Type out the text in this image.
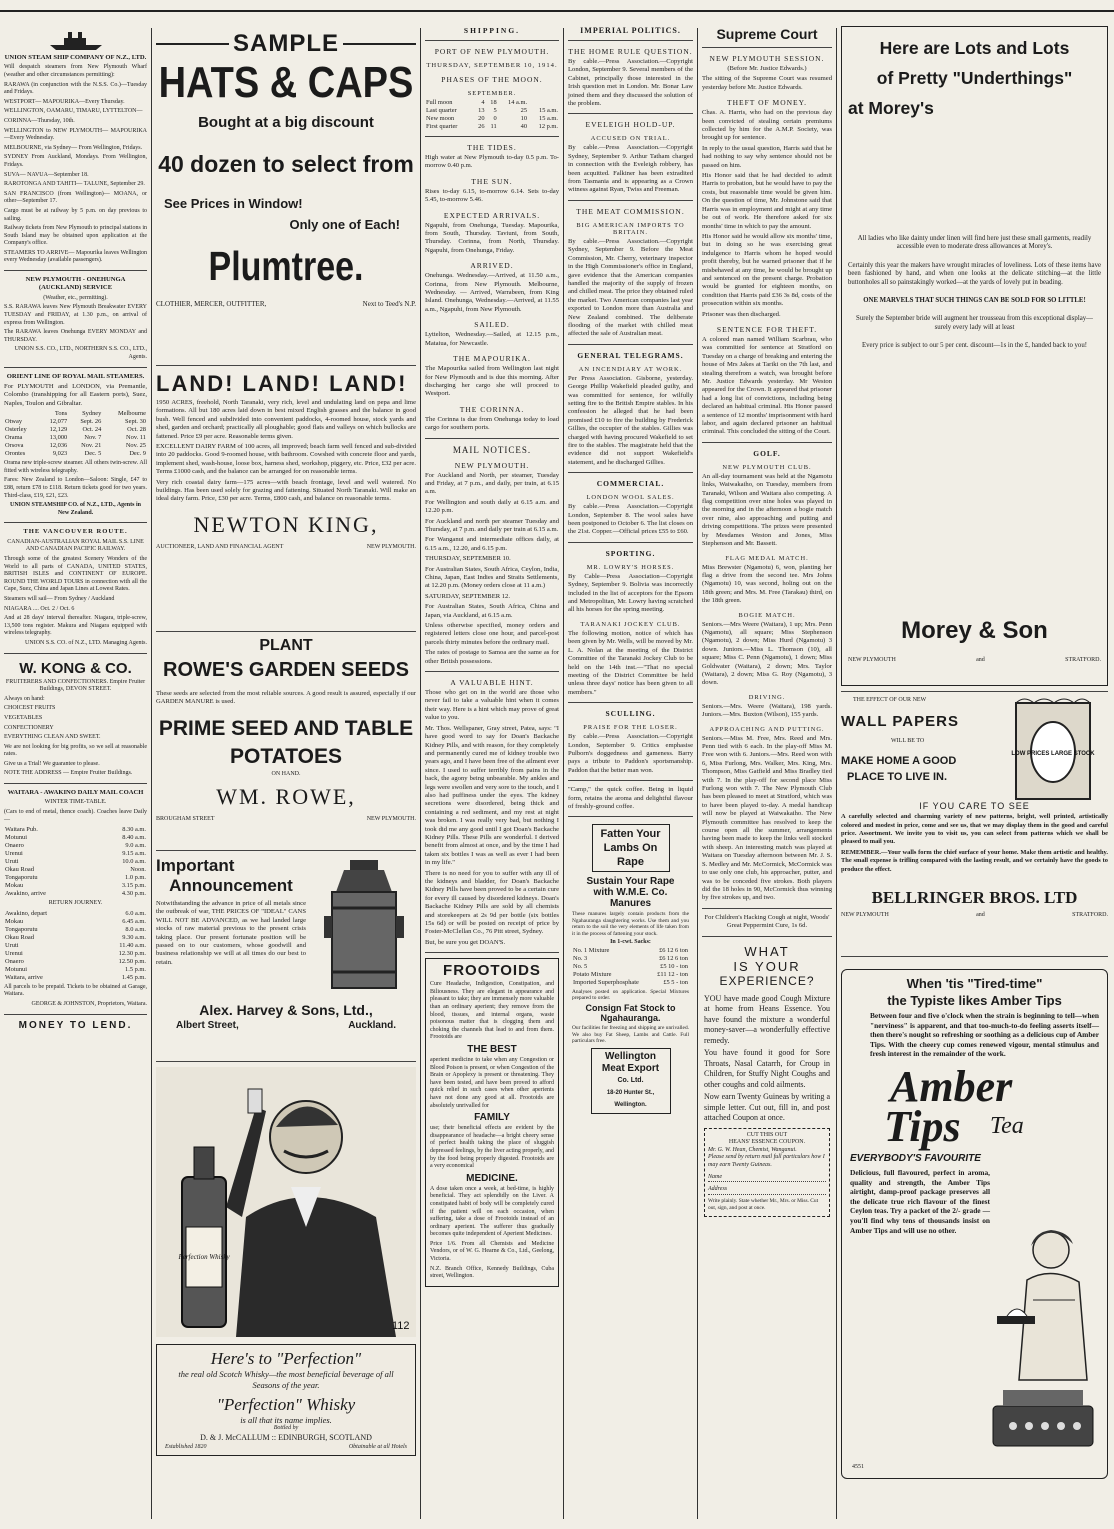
UNION STEAM SHIP COMPANY OF N.Z., LTD.
Will despatch steamers from New Plymouth Wharf (weather and other circumstances permitting):
RARAWA (in conjunction with the N.S.S. Co.)—Tuesday and Fridays.
WESTPORT— MAPOURIKA—Every Thursday.
WELLINGTON, OAMARU, TIMARU, LYTTELTON—
CORINNA—Thursday, 10th.
WELLINGTON to NEW PLYMOUTH— MAPOURIKA—Every Wednesday.
MELBOURNE, via Sydney— From Wellington, Fridays.
SYDNEY From Auckland, Mondays. From Wellington, Fridays.
SUVA— NAVUA—September 18.
RAROTONGA AND TAHITI— TALUNE, September 29.
SAN FRANCISCO (from Wellington)— MOANA, or other—September 17.
Cargo must be at railway by 5 p.m. on day previous to sailing.
Railway tickets from New Plymouth to principal stations in South Island may be obtained upon application at the Company's office.
STEAMERS TO ARRIVE— Mapourika leaves Wellington every Wednesday (available passengers).
NEW PLYMOUTH - ONEHUNGA (AUCKLAND) SERVICE
(Weather, etc., permitting).
S.S. RARAWA leaves New Plymouth Breakwater EVERY TUESDAY and FRIDAY, at 1.30 p.m., on arrival of express from Wellington.
The RARAWA leaves Onehunga EVERY MONDAY and THURSDAY.
UNION S.S. CO., LTD., NORTHERN S.S. CO., LTD., Agents.
ORIENT LINE OF ROYAL MAIL STEAMERS.
For PLYMOUTH and LONDON, via Premantle, Colombo (transhipping for all Eastern ports), Suez, Naples, Toulon and Gibraltar.
	Tons	Sydney	Melbourne
Otway	12,077	Sept. 26	Sept. 30
Osterley	12,129	Oct. 24	Oct. 28
Orama	13,000	Nov. 7	Nov. 11
Orsova	12,036	Nov. 21	Nov. 25
Orontes	9,023	Dec. 5	Dec. 9
Orama new triple-screw steamer. All others twin-screw. All fitted with wireless telegraphy.
Fares: New Zealand to London—Saloon: Single, £47 to £88, return £78 to £118. Return tickets good for two years. Third-class, £19, £21, £23.
UNION STEAMSHIP CO. of N.Z., LTD., Agents in New Zealand.
THE VANCOUVER ROUTE.
CANADIAN-AUSTRALIAN ROYAL MAIL S.S. LINE AND CANADIAN PACIFIC RAILWAY.
Through some of the greatest Scenery Wonders of the World to all parts of CANADA, UNITED STATES, BRITISH ISLES and CONTINENT OF EUROPE. ROUND THE WORLD TOURS in connection with all the Cape, Suez, China and Japan Lines at Lowest Rates.
Steamers will sail— From Sydney / Auckland
NIAGARA .... Oct. 2 / Oct. 6
And at 28 days' interval thereafter. Niagara, triple-screw, 13,500 tons register. Makura and Niagara equipped with wireless telegraphy.
UNION S.S. CO. of N.Z., LTD. Managing Agents.
W. KONG & CO.
FRUITERERS AND CONFECTIONERS. Empire Fruiter Buildings, DEVON STREET.
Always on hand:
CHOICEST FRUITS
VEGETABLES
CONFECTIONERY
EVERYTHING CLEAN AND SWEET.
We are not looking for big profits, so we sell at reasonable rates.
Give us a Trial! We guarantee to please.
NOTE THE ADDRESS — Empire Fruiter Buildings.
WAITARA - AWAKINO DAILY MAIL COACH
WINTER TIME-TABLE.
(Cars to end of metal, thence coach). Coaches leave Daily—
Waitara Pub.	8.30 a.m.
Motunui	8.40 a.m.
Onaero	9.0 a.m.
Urenui	9.15 a.m.
Uruti	10.0 a.m.
Okau Road	Noon.
Tongaporutu	1.0 p.m.
Mokau	3.15 p.m.
Awakino, arrive	4.30 p.m.
RETURN JOURNEY.
Awakino, depart	6.0 a.m.
Mokau	6.45 a.m.
Tongaporutu	8.0 a.m.
Okau Road	9.30 a.m.
Uruti	11.40 a.m.
Urenui	12.30 p.m.
Onaero	12.50 p.m.
Motunui	1.5 p.m.
Waitara, arrive	1.45 p.m.
All parcels to be prepaid. Tickets to be obtained at Garage, Waitara.
GEORGE & JOHNSTON, Proprietors, Waitara.
MONEY TO LEND.
SAMPLE
HATS & CAPS
Bought at a big discount
40 dozen to select from
See Prices in Window!
Only one of Each!
Plumtree.
CLOTHIER, MERCER, OUTFITTER,	Next to Teed's N.P.
LAND! LAND! LAND!
1950 ACRES, freehold, North Taranaki, very rich, level and undulating land on pepa and lime formations. All but 180 acres laid down in best mixed English grasses and the balance in good bush. Well fenced and subdivided into convenient paddocks, 4-roomed house, stock yards and shed, garden and orchard; practically all ploughable; good flats and valleys on which bullocks are fattened. Price £9 per acre. Reasonable terms given.
EXCELLENT DAIRY FARM of 100 acres, all improved; beach farm well fenced and sub-divided into 20 paddocks. Good 9-roomed house, with bathroom. Cowshed with concrete floor and yards, implement shed, wash-house, loose box, harness shed, workshop, piggery, etc. Price, £32 per acre. Terms £1000 cash, and the balance can be arranged for on reasonable terms.
Very rich coastal dairy farm—175 acres—with beach frontage, level and well watered. No buildings. Has been used solely for grazing and fattening. Situated North Taranaki. Will make an ideal dairy farm. Price, £30 per acre. Terms, £800 cash, and balance on reasonable terms.
NEWTON KING,
AUCTIONEER, LAND AND FINANCIAL AGENT	NEW PLYMOUTH.
PLANT
ROWE'S GARDEN SEEDS
These seeds are selected from the most reliable sources. A good result is assured, especially if our GARDEN MANURE is used.
PRIME SEED AND TABLE
POTATOES
ON HAND.
WM. ROWE,
BROUGHAM STREET	NEW PLYMOUTH.
Important
Announcement
Notwithstanding the advance in price of all metals since the outbreak of war, THE PRICES OF "IDEAL" CANS WILL NOT BE ADVANCED, as we had landed large stocks of raw material previous to the present crisis taking place. Our present fortunate position will be passed on to our customers, whose goodwill and business relationship we will at all times do our best to retain.
Alex. Harvey & Sons, Ltd.,
Albert Street,	Auckland.
Perfection Whisky
112
Here's to "Perfection"
the real old Scotch Whisky—the most beneficial beverage of all Seasons of the year.
"Perfection" Whisky
is all that its name implies.
Bottled by
D. & J. McCALLUM :: EDINBURGH, SCOTLAND
Established 1820	Obtainable at all Hotels
SHIPPING.
PORT OF NEW PLYMOUTH.
THURSDAY, SEPTEMBER 10, 1914.
PHASES OF THE MOON.
SEPTEMBER.
Full moon	4	18	14 a.m.	
Last quarter	13	5	25	15 a.m.
New moon	20	0	10	15 a.m.
First quarter	26	11	40	12 p.m.
THE TIDES.
High water at New Plymouth to-day 0.5 p.m. To-morrow 0.40 p.m.
THE SUN.
Rises to-day 6.15, to-morrow 6.14. Sets to-day 5.45, to-morrow 5.46.
EXPECTED ARRIVALS.
Ngapuhi, from Onehunga, Tuesday. Mapourika, from South, Thursday. Taviuni, from South, Thursday. Corinna, from North, Thursday. Ngapuhi, from Onehunga, Friday.
ARRIVED.
Onehunga. Wednesday.—Arrived, at 11.50 a.m., Corinna, from New Plymouth. Melbourne, Wednesday. — Arrived, Warrabeen, from King Island. Onehunga, Wednesday.—Arrived, at 11.55 a.m., Ngapuhi, from New Plymouth.
SAILED.
Lyttelton, Wednesday.—Sailed, at 12.15 p.m., Mataiua, for Newcastle.
THE MAPOURIKA.
The Mapourika sailed from Wellington last night for New Plymouth and is due this morning. After discharging her cargo she will proceed to Westport.
THE CORINNA.
The Corinna is due from Onehunga today to load cargo for southern ports.
MAIL NOTICES.
NEW PLYMOUTH.
For Auckland and North, per steamer, Tuesday and Friday, at 7 p.m., and daily, per train, at 6.15 a.m.
For Wellington and south daily at 6.15 a.m. and 12.20 p.m.
For Auckland and north per steamer Tuesday and Thursday, at 7 p.m. and daily per train at 6.15 a.m.
For Wanganui and intermediate offices daily, at 6.15 a.m., 12.20, and 6.15 p.m.
THURSDAY, SEPTEMBER 10.
For Australian States, South Africa, Ceylon, India, China, Japan, East Indies and Straits Settlements, at 12.20 p.m. (Money orders close at 11 a.m.)
SATURDAY, SEPTEMBER 12.
For Australian States, South Africa, China and Japan, via Auckland, at 6.15 a.m.
Unless otherwise specified, money orders and registered letters close one hour, and parcel-post parcels thirty minutes before the ordinary mail.
The rates of postage to Samoa are the same as for other British possessions.
A VALUABLE HINT.
Those who get on in the world are those who never fail to take a valuable hint when it comes their way. Here is a hint which may prove of great value to you.
Mr. Thos. Wellspaner, Gray street, Patea, says: "I have good word to say for Doan's Backache Kidney Pills, and with reason, for they completely and permanently cured me of kidney trouble two years ago, and I have been free of the ailment ever since. I used to suffer terribly from pains in the back, the agony being unbearable. My ankles and legs were swollen and very sore to the touch, and I also had puffiness under the eyes. The kidney secretions were disordered, being thick and containing a red sediment, and my rest at night was broken. I was really very bad, but nothing I took did me any good until I got Doan's Backache Kidney Pills. These Pills are wonderful. I derived benefit from almost at once, and by the time I had taken six bottles I was as well as ever I had been in my life."
There is no need for you to suffer with any ill of the kidneys and bladder, for Doan's Backache Kidney Pills have been proved to be a certain cure for every ill caused by disordered kidneys. Doan's Backache Kidney Pills are sold by all chemists and storekeepers at 2s 9d per bottle (six bottles 15s 6d) or will be posted on receipt of price by Foster-McClellan Co., 76 Pitt street, Sydney.
But, be sure you get DOAN'S.
FROOTOIDS
Cure Headache, Indigestion, Constipation, and Biliousness. They are elegant in appearance and pleasant to take; they are immensely more valuable than an ordinary aperient; they remove from the blood, tissues, and internal organs, waste poisonous matter that is clogging them and choking the channels that lead to and from them. Frootoids are
THE BEST
aperient medicine to take when any Congestion or Blood Poison is present, or when Congestion of the Brain or Apoplexy is present or threatening. They have been tested, and have been proved to afford quick relief in such cases when other aperients have not done any good at all. Frootoids are absolutely unrivalled for
FAMILY
use; their beneficial effects are evident by the disappearance of headache—a bright cheery sense of perfect health taking the place of sluggish depressed feelings, by the liver acting properly, and by the food being properly digested. Frootoids are a very economical
MEDICINE.
A dose taken once a week, at bed-time, is highly beneficial. They act splendidly on the Liver. A constipated habit of body will be completely cured if the patient will on each occasion, when suffering, take a dose of Frootoids instead of an ordinary aperient. The sufferer thus gradually becomes quite independent of Aperient Medicines.
Price 1/6. From all Chemists and Medicine Vendors, or of W. G. Hearne & Co., Ltd., Geelong, Victoria.
N.Z. Branch Office, Kennedy Buildings, Cuba street, Wellington.
IMPERIAL POLITICS.
THE HOME RULE QUESTION.
By cable.—Press Association.—Copyright London, September 9. Several members of the Cabinet, principally those interested in the Irish question met in London. Mr. Bonar Law joined them and they discussed the solution of the problem.
EVELEIGH HOLD-UP.
ACCUSED ON TRIAL.
By cable.—Press Association.—Copyright Sydney, September 9. Arthur Tatham charged in connection with the Eveleigh robbery, has been acquitted. Falkiner has been extradited from Tasmania and is appearing as a Crown witness against Ryan, Twiss and Freeman.
THE MEAT COMMISSION.
BIG AMERICAN IMPORTS TO BRITAIN.
By cable.—Press Association.—Copyright Sydney, September 9. Before the Meat Commission, Mr. Cherry, veterinary inspector in the High Commissioner's office in England, gave evidence that the American companies handled the majority of the supply of frozen and chilled meat. The price they obtained ruled the market. Two American companies last year exported to London more than Australia and New Zealand combined. The deliberate flooding of the market with chilled meat affected the sale of Australian meat.
GENERAL TELEGRAMS.
AN INCENDIARY AT WORK.
Per Press Association. Gisborne, yesterday. George Phillip Wakefield pleaded guilty, and was committed for sentence, for wilfully setting fire to the British Empire stables. In his confession he alleged that he had been promised £10 to fire the building by Frederick Gillies, the occupier of the stables. Gillies was charged with having procured Wakefield to set fire to the stables. The magistrate held that the evidence did not support Wakefield's statement, and he discharged Gillies.
COMMERCIAL.
LONDON WOOL SALES.
By cable.—Press Association.—Copyright London, September 8. The wool sales have been postponed to October 6. The list closes on the 21st. Copper.—Official prices £55 to £60.
SPORTING.
MR. LOWRY'S HORSES.
By Cable—Press Association—Copyright Sydney, September 9. Bolivia was incorrectly included in the list of acceptors for the Epsom and Metropolitan, Mr. Lowry having scratched all his horses for the spring meeting.
TARANAKI JOCKEY CLUB.
The following motion, notice of which has been given by Mr. Wells, will be moved by Mr. L. A. Nolan at the meeting of the District Committee of the Taranaki Jockey Club to be held on the 14th inst.—"That no special meeting of the District Committee be held unless three days' notice has been given to all members."
SCULLING.
PRAISE FOR THE LOSER.
By cable.—Press Association.—Copyright London, September 9. Critics emphasise Pulborn's doggedness and gameness. Barry pays a tribute to Paddon's sportsmanship. Paddon that the better man won.
"Camp," the quick coffee. Being in liquid form, retains the aroma and delightful flavour of freshly-ground coffee.
Fatten Your
Lambs On
Rape
Sustain Your Rape
with W.M.E. Co.
Manures
These manures largely contain products from the Ngahauranga slaughtering works. Use them and you return to the soil the very elements of life taken from it in the process of fattening your stock.
In 1-cwt. Sacks:
No. 1 Mixture	£6 12 6 ton
No. 3	£6 12 6 ton
No. 5	£5 10 - ton
Potato Mixture	£11 12 - ton
Imported Superphosphate	£5 5 - ton
Analyses posted on application. Special Mixtures prepared to order.
Consign Fat Stock to Ngahauranga.
Our facilities for freezing and shipping are unrivalled. We also buy Fat Sheep, Lambs and Cattle. Full particulars free.
Wellington
Meat Export
Co. Ltd.
18-20 Hunter St., Wellington.
Supreme Court
NEW PLYMOUTH SESSION.
(Before Mr. Justice Edwards.)
The sitting of the Supreme Court was resumed yesterday before Mr. Justice Edwards.
THEFT OF MONEY.
Chas. A. Harris, who had on the previous day been convicted of stealing certain premiums collected by him for the A.M.P. Society, was brought up for sentence.
In reply to the usual question, Harris said that he had nothing to say why sentence should not be passed on him.
His Honor said that he had decided to admit Harris to probation, but he would have to pay the costs, but reasonable time would be given him. On the question of time, Mr. Johnstone said that Harris was in employment and might at any time be out of work. He therefore asked for six months' time in which to pay the amount.
His Honor said he would allow six months' time, but in doing so he was exercising great indulgence to Harris whom he hoped would profit thereby, but he warned prisoner that if he misbehaved at any time, he would be brought up and sentenced on the present charge. Probation would be granted for eighteen months, on condition that Harris paid £36 3s 8d, costs of the prosecution within six months.
Prisoner was then discharged.
SENTENCE FOR THEFT.
A colored man named William Scarbrau, who was committed for sentence at Stratford on Tuesday on a charge of breaking and entering the house of Mrs Jakes at Tariki on the 7th last, and stealing therefrom a watch, was brought before Mr. Justice Edwards yesterday. Mr Weston appeared for the Crown. It appeared that prisoner had a long list of convictions, including being declared an habitual criminal. His Honor passed a sentence of 12 months' imprisonment with hard labor, and again declared prisoner an habitual criminal. This concluded the sitting of the Court.
GOLF.
NEW PLYMOUTH CLUB.
An all-day tournament was held at the Ngamotu links, Waiwakaiho, on Tuesday, members from Taranaki, Wilson and Waitara also competing. A flag competition over nine holes was played in the morning and in the afternoon a bogie match over nine, also approaching and putting and driving competitions. The prizes were presented by Mesdames Weston and Jones, Miss Stephenson and Mr. Bassett.
FLAG MEDAL MATCH.
Miss Brewster (Ngamotu) 6, won, planting her flag a drive from the second tee. Mrs Johns (Ngamotu) 10, was second, holing out on the 18th green; and Mrs. M. Free (Tarakau) third, on the 18th green.
BOGIE MATCH.
Seniors.—Mrs Weere (Waitara), 1 up; Mrs. Penn (Ngamotu), all square; Miss Stephenson (Ngamotu), 2 down; Miss Hurd (Ngamotu) 3 down. Juniors.—Miss L. Thomson (10), all square; Miss C. Penn (Ngamotu), 1 down; Miss Goldwater (Waitara), 2 down; Mrs. Taylor (Waitara), 2 down; Miss G. Roy (Ngamotu), 3 down.
DRIVING.
Seniors.—Mrs. Weere (Waitara), 198 yards. Juniors.—Mrs. Buxton (Wilson), 155 yards.
APPROACHING AND PUTTING.
Seniors.—Miss M. Free, Mrs. Reed and Mrs. Penn tied with 6 each. In the play-off Miss M. Free won with 6. Juniors.—Mrs. Reed won with 6, Miss Furlong, Mrs. Walker, Mrs. King, Mrs. Thompson, Miss Gatfield and Miss Bradley tied with 7. In the play-off for second place Miss Furlong won with 7. The New Plymouth Club has been pleased to meet at Stratford, which was to have been played to-day. A medal handicap will now be played at Waiwakaiho. The New Plymouth committee has resolved to keep the course open all the summer, arrangements having been made to keep the links well stocked with sheep. An interesting match was played at Waitara on Tuesday afternoon between Mr. J. S. S. Medley and Mr. McCormick, McCormick was to use only one club, his approacher, putter, and was to be conceded five strokes. Both players did the 18 holes in 90, McCormick thus winning by five strokes up, and two.
For Children's Hacking Cough at night, Woods' Great Peppermint Cure, 1s 6d.
WHAT
IS YOUR
EXPERIENCE?
YOU have made good Cough Mixture at home from Heans Essence. You have found the mixture a wonderful money-saver—a wonderfully effective remedy.
You have found it good for Sore Throats, Nasal Catarrh, for Croup in Children, for Stuffy Night Coughs and other coughs and cold ailments.
Now earn Twenty Guineas by writing a simple letter. Cut out, fill in, and post attached Coupon at once.
CUT THIS OUT
HEANS' ESSENCE COUPON.
Mr. G. W. Hean, Chemist, Wanganui.
Please send by return mail full particulars how I may earn Twenty Guineas.
Name
Address
Write plainly. State whether Mr., Mrs. or Miss. Cut out, sign, and post at once.
Here are Lots and Lots
of Pretty "Underthings"
at Morey's
All ladies who like dainty under linen will find here just these small garments, readily accessible even to moderate dress allowances at Morey's.
Certainly this year the makers have wrought miracles of loveliness. Lots of these items have been fashioned by hand, and when one looks at the delicate stitching—at the little buttonholes all so painstakingly worked—at the yards of lovely put in beading.
ONE MARVELS THAT SUCH THINGS CAN BE SOLD FOR SO LITTLE!
Surely the September bride will augment her trousseau from this exceptional display—surely every lady will at least
Every price is subject to our 5 per cent. discount—1s in the £, handed back to you!
Morey & Son
NEW PLYMOUTH	and	STRATFORD.
THE EFFECT OF OUR NEW
WALL PAPERS
WILL BE TO
MAKE HOME A GOOD
PLACE TO LIVE IN.
LOW PRICES LARGE STOCK
IF YOU CARE TO SEE
A carefully selected and charming variety of new patterns, bright, well printed, artistically colored and modest in price, come and see us, that we may display them in the good and careful price. Assortment. We invite you to visit us, you can select from patterns which we shall be pleased to mail you.
REMEMBER.—Your walls form the chief surface of your home. Make them artistic and healthy. The small expense is trifling compared with the lasting result, and we certainly have the goods to produce the effect.
BELLRINGER BROS. LTD
NEW PLYMOUTH	and	STRATFORD.
When 'tis "Tired-time"
the Typiste likes Amber Tips
Between four and five o'clock when the strain is beginning to tell—when "nerviness" is apparent, and that too-much-to-do feeling asserts itself—then there's nought so refreshing or soothing as a delicious cup of Amber Tips. With the cheery cup comes renewed vigour, mental stimulus and fresh interest in the remainder of the work.
Amber
Tips Tea
EVERYBODY'S FAVOURITE
Delicious, full flavoured, perfect in aroma, quality and strength, the Amber Tips airtight, damp-proof package preserves all the delicate true rich flavour of the finest Ceylon teas. Try a packet of the 2/- grade — you'll find why tens of thousands insist on Amber Tips and will use no other.
4551
